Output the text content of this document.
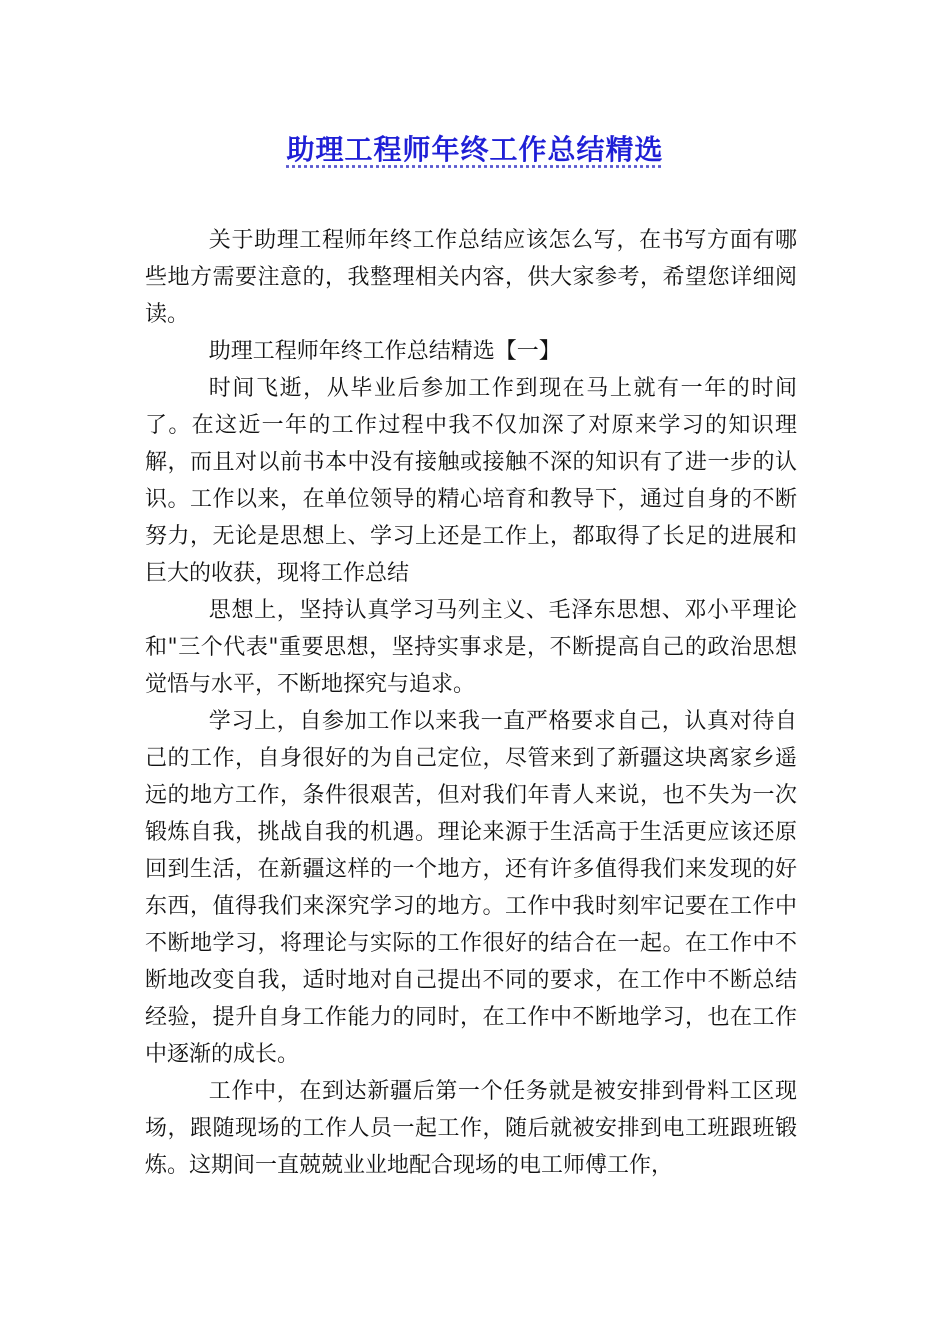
助理工程师年终工作总结精选

关于助理工程师年终工作总结应该怎么写，在书写方面有哪些地方需要注意的，我整理相关内容，供大家参考，希望您详细阅读。

助理工程师年终工作总结精选【一】

时间飞逝，从毕业后参加工作到现在马上就有一年的时间了。在这近一年的工作过程中我不仅加深了对原来学习的知识理解，而且对以前书本中没有接触或接触不深的知识有了进一步的认识。工作以来，在单位领导的精心培育和教导下，通过自身的不断努力，无论是思想上、学习上还是工作上，都取得了长足的进展和巨大的收获，现将工作总结

思想上，坚持认真学习马列主义、毛泽东思想、邓小平理论和"三个代表"重要思想，坚持实事求是，不断提高自己的政治思想觉悟与水平，不断地探究与追求。

学习上，自参加工作以来我一直严格要求自己，认真对待自己的工作，自身很好的为自己定位，尽管来到了新疆这块离家乡遥远的地方工作，条件很艰苦，但对我们年青人来说，也不失为一次锻炼自我，挑战自我的机遇。理论来源于生活高于生活更应该还原回到生活，在新疆这样的一个地方，还有许多值得我们来发现的好东西，值得我们来深究学习的地方。工作中我时刻牢记要在工作中不断地学习，将理论与实际的工作很好的结合在一起。在工作中不断地改变自我，适时地对自己提出不同的要求，在工作中不断总结经验，提升自身工作能力的同时，在工作中不断地学习，也在工作中逐渐的成长。

工作中，在到达新疆后第一个任务就是被安排到骨料工区现场，跟随现场的工作人员一起工作，随后就被安排到电工班跟班锻炼。这期间一直兢兢业业地配合现场的电工师傅工作，
